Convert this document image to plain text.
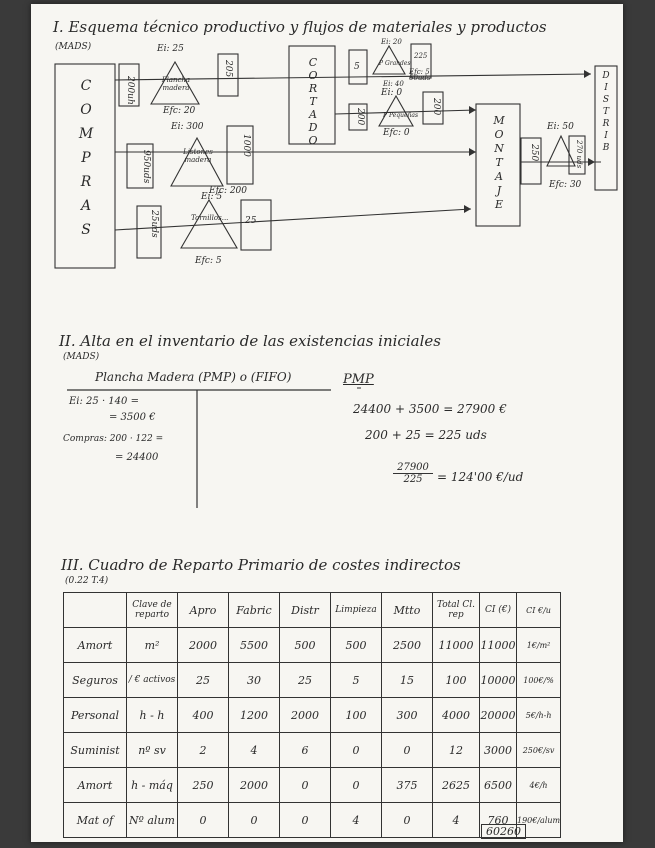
I. Esquema técnico productivo y flujos de materiales y productos
(MADS)
C
O
M
P
R
A
S
C
O
R
T
A
D
O
M
O
N
T
A
J
E
D
I
S
T
R
I
B
200uh
Ei: 25
Plancha madera
Efc: 20
205
950uds
Ei: 300
Listones madera
Efc: 200
1000
25uds
Ei: 5
Tornillos...
Efc: 5
25
5	P Grandes
Ei: 40
225
60uds
200	P Pequeñas
Ei: 0
Efc: 0
200
250
Ei: 50
Efc: 30
270 uds
Ei: 20
Efc: 5
II. Alta en el inventario de las existencias iniciales
(MADS)
Plancha Madera (PMP) o (FIFO)
Ei: 25 · 140 =
= 3500 €
Compras: 200 · 122 =
= 24400
PMP
24400 + 3500 = 27900 €
200 + 25 = 225 uds
$\frac{27900}{225} = 124'00$ €/ud
III. Cuadro de Reparto Primario de costes indirectos
(0.22 T.4)
	Clave de reparto	Apro	Fabric	Distr	Limpieza	Mtto	Total Cl. rep	CI (€)	CI €/u
Amort	m²	2000	5500	500	500	2500	11000	11000	1€/m²
Seguros	/ € activos	25	30	25	5	15	100	10000	100€/%
Personal	h - h	400	1200	2000	100	300	4000	20000	5€/h-h
Suminist	nº sv	2	4	6	0	0	12	3000	250€/sv
Amort	h - máq	250	2000	0	0	375	2625	6500	4€/h
Mat of	Nº alum	0	0	0	4	0	4	760	190€/alum
60260
